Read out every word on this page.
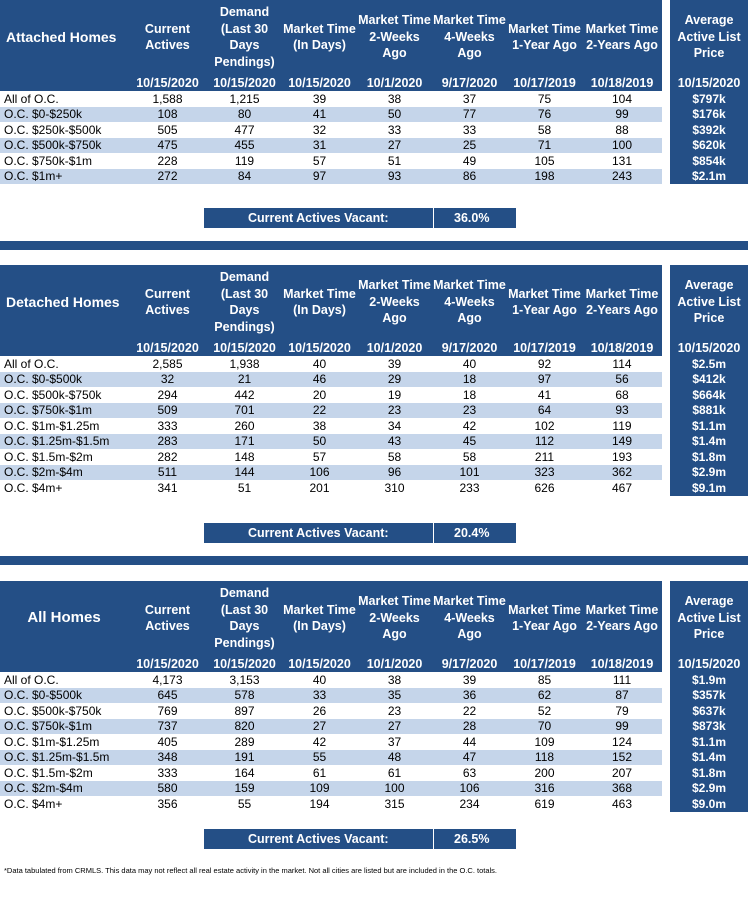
Attached Homes	Current Actives	Demand (Last 30 Days Pendings)	Market Time (In Days)	Market Time 2-Weeks Ago	Market Time 4-Weeks Ago	Market Time 1-Year Ago	Market Time 2-Years Ago		Average Active List Price
	10/15/2020	10/15/2020	10/15/2020	10/1/2020	9/17/2020	10/17/2019	10/18/2019		10/15/2020
All of O.C.	1,588	1,215	39	38	37	75	104		$797k
O.C. $0-$250k	108	80	41	50	77	76	99		$176k
O.C. $250k-$500k	505	477	32	33	33	58	88		$392k
O.C. $500k-$750k	475	455	31	27	25	71	100		$620k
O.C. $750k-$1m	228	119	57	51	49	105	131		$854k
O.C. $1m+	272	84	97	93	86	198	243		$2.1m
Current Actives Vacant:	36.0%
Detached Homes	Current Actives	Demand (Last 30 Days Pendings)	Market Time (In Days)	Market Time 2-Weeks Ago	Market Time 4-Weeks Ago	Market Time 1-Year Ago	Market Time 2-Years Ago		Average Active List Price
	10/15/2020	10/15/2020	10/15/2020	10/1/2020	9/17/2020	10/17/2019	10/18/2019		10/15/2020
All of O.C.	2,585	1,938	40	39	40	92	114		$2.5m
O.C. $0-$500k	32	21	46	29	18	97	56		$412k
O.C. $500k-$750k	294	442	20	19	18	41	68		$664k
O.C. $750k-$1m	509	701	22	23	23	64	93		$881k
O.C. $1m-$1.25m	333	260	38	34	42	102	119		$1.1m
O.C. $1.25m-$1.5m	283	171	50	43	45	112	149		$1.4m
O.C. $1.5m-$2m	282	148	57	58	58	211	193		$1.8m
O.C. $2m-$4m	511	144	106	96	101	323	362		$2.9m
O.C. $4m+	341	51	201	310	233	626	467		$9.1m
Current Actives Vacant:	20.4%
All Homes	Current Actives	Demand (Last 30 Days Pendings)	Market Time (In Days)	Market Time 2-Weeks Ago	Market Time 4-Weeks Ago	Market Time 1-Year Ago	Market Time 2-Years Ago		Average Active List Price
	10/15/2020	10/15/2020	10/15/2020	10/1/2020	9/17/2020	10/17/2019	10/18/2019		10/15/2020
All of O.C.	4,173	3,153	40	38	39	85	111		$1.9m
O.C. $0-$500k	645	578	33	35	36	62	87		$357k
O.C. $500k-$750k	769	897	26	23	22	52	79		$637k
O.C. $750k-$1m	737	820	27	27	28	70	99		$873k
O.C. $1m-$1.25m	405	289	42	37	44	109	124		$1.1m
O.C. $1.25m-$1.5m	348	191	55	48	47	118	152		$1.4m
O.C. $1.5m-$2m	333	164	61	61	63	200	207		$1.8m
O.C. $2m-$4m	580	159	109	100	106	316	368		$2.9m
O.C. $4m+	356	55	194	315	234	619	463		$9.0m
Current Actives Vacant:	26.5%
*Data tabulated from CRMLS. This data may not reflect all real estate activity in the market. Not all cities are listed but are included in the O.C. totals.
